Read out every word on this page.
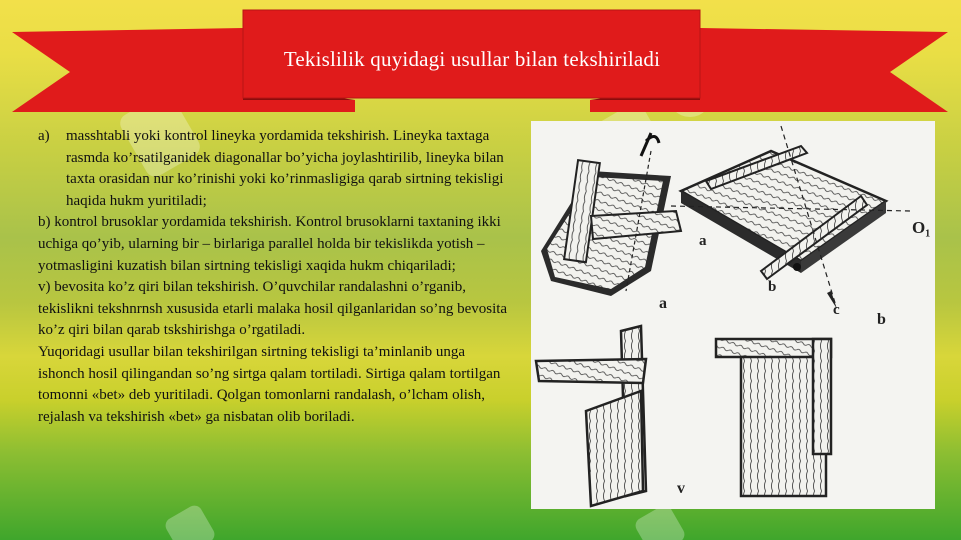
Tekislilik quyidagi usullar bilan tekshiriladi
a)	masshtabli yoki kontrol lineyka yordamida tekshirish. Lineyka taxtaga rasmda ko’rsatilganidek diagonallar bo’yicha joylashtirilib, lineyka bilan taxta orasidan nur ko’rinishi yoki ko’rinmasligiga qarab sirtning tekisligi haqida hukm yuritiladi;

b) kontrol brusoklar yordamida tekshirish. Kontrol brusoklarni taxtaning ikki uchiga qo’yib, ularning bir – birlariga parallel holda bir tekislikda yotish – yotmasligini kuzatish bilan sirtning tekisligi xaqida hukm chiqariladi;

v) bevosita ko’z qiri bilan tekshirish. O’quvchilar randalashni o’rganib, tekislikni tekshnrnsh xususida etarli malaka hosil qilganlaridan so’ng bevosita ko’z qiri bilan qarab tskshirishga o’rgatiladi.

Yuqoridagi usullar bilan tekshirilgan sirtning tekisligi ta’minlanib unga ishonch hosil qilingandan so’ng sirtga qalam tortiladi. Sirtiga qalam tortilgan tomonni «bet» deb yuritiladi. Qolgan tomonlarni randalash, o’lcham olish, rejalash va tekshirish «bet» ga nisbatan olib boriladi.

a
a
b
b
c
O₁
v
